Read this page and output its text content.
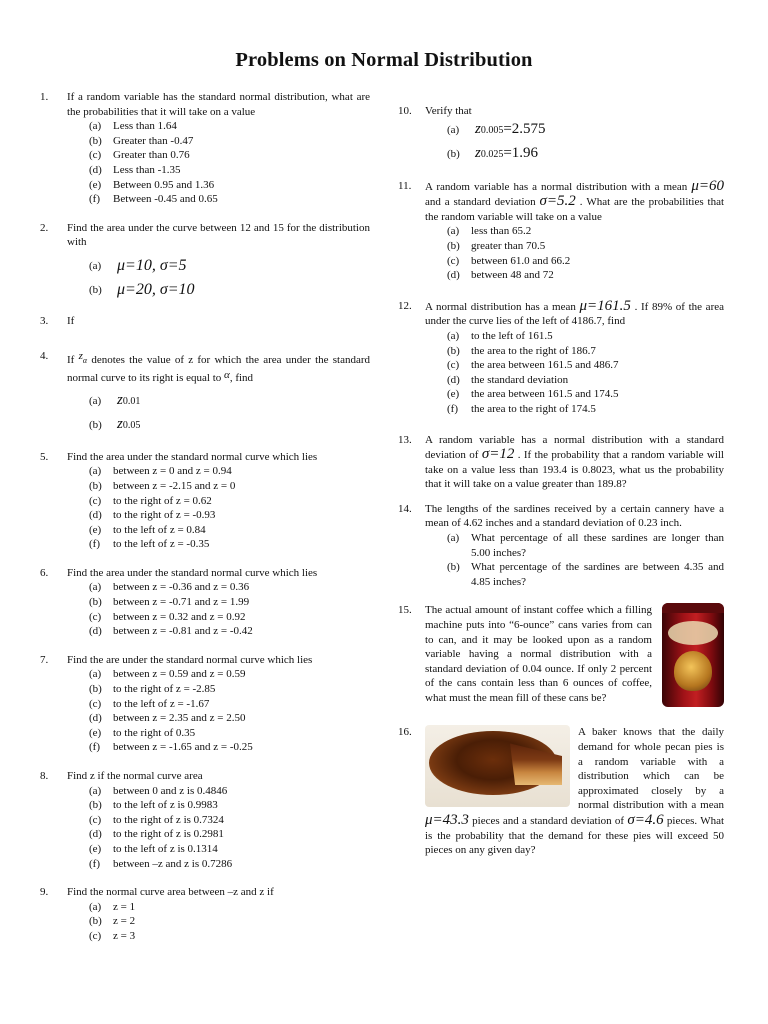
Problems on Normal Distribution
1.	If a random variable has the standard normal distribution, what are the probabilities that it will take on a value
(a)	Less than 1.64
(b)	Greater than -0.47
(c)	Greater than 0.76
(d)	Less than -1.35
(e)	Between 0.95 and 1.36
(f)	Between -0.45 and 0.65
2.	Find the area under the curve between 12 and 15 for the distribution with
(a) μ=10, σ=5
(b) μ=20, σ=10
3.	If
4.	If zα denotes the value of z for which the area under the standard normal curve to its right is equal to α, find
(a)	z0.01
(b)	z0.05
5.	Find the area under the standard normal curve which lies
(a)	between z = 0 and z = 0.94
(b)	between z = -2.15 and z = 0
(c)	to the right of z = 0.62
(d)	to the right of z = -0.93
(e)	to the left of z = 0.84
(f)	to the left of z = -0.35
6.	Find the area under the standard normal curve which lies
(a)	between z = -0.36 and z = 0.36
(b)	between z = -0.71 and z = 1.99
(c)	between z = 0.32 and z = 0.92
(d)	between z = -0.81 and z = -0.42
7.	Find the are under the standard normal curve which lies
(a)	between z = 0.59 and z = 0.59
(b)	to the right of z = -2.85
(c)	to the left of z = -1.67
(d)	between z = 2.35 and z = 2.50
(e)	to the right of 0.35
(f)	between z = -1.65 and z = -0.25
8.	Find z if the normal curve area
(a)	between 0 and z is 0.4846
(b)	to the left of z is 0.9983
(c)	to the right of z is 0.7324
(d)	to the right of z is 0.2981
(e)	to the left of z is 0.1314
(f)	between –z and z is 0.7286
9.	Find the normal curve area between –z and z if
(a)	z = 1
(b)	z = 2
(c)	z = 3
10.	Verify that
(a)	z0.005=2.575
(b)	z0.025=1.96
11.	A random variable has a normal distribution with a mean μ=60 and a standard deviation σ=5.2 . What are the probabilities that the random variable will take on a value
(a)	less than 65.2
(b)	greater than 70.5
(c)	between 61.0 and 66.2
(d)	between 48 and 72
12.	A normal distribution has a mean μ=161.5 . If 89% of the area under the curve lies of the left of 4186.7, find
(a)	to the left of 161.5
(b)	the area to the right of 186.7
(c)	the area between 161.5 and 486.7
(d)	the standard deviation
(e)	the area between 161.5 and 174.5
(f)	the area to the right of 174.5
13.	A random variable has a normal distribution with a standard deviation of σ=12 . If the probability that a random variable will take on a value less than 193.4 is 0.8023, what us the probability that it will take on a value greater than 189.8?
14.	The lengths of the sardines received by a certain cannery have a mean of 4.62 inches and a standard deviation of 0.23 inch.
(a)	What percentage of all these sardines are longer than 5.00 inches?
(b)	What percentage of the sardines are between 4.35 and 4.85 inches?
15.	The actual amount of instant coffee which a filling machine puts into “6-ounce” cans varies from can to can, and it may be looked upon as a random variable having a normal distribution with a standard deviation of 0.04 ounce. If only 2 percent of the cans contain less than 6 ounces of coffee, what must the mean fill of these cans be?
16.	A baker knows that the daily demand for whole pecan pies is a random variable with a distribution which can be approximated closely by a normal distribution with a mean μ=43.3 pieces and a standard deviation of σ=4.6 pieces. What is the probability that the demand for these pies will exceed 50 pieces on any given day?
